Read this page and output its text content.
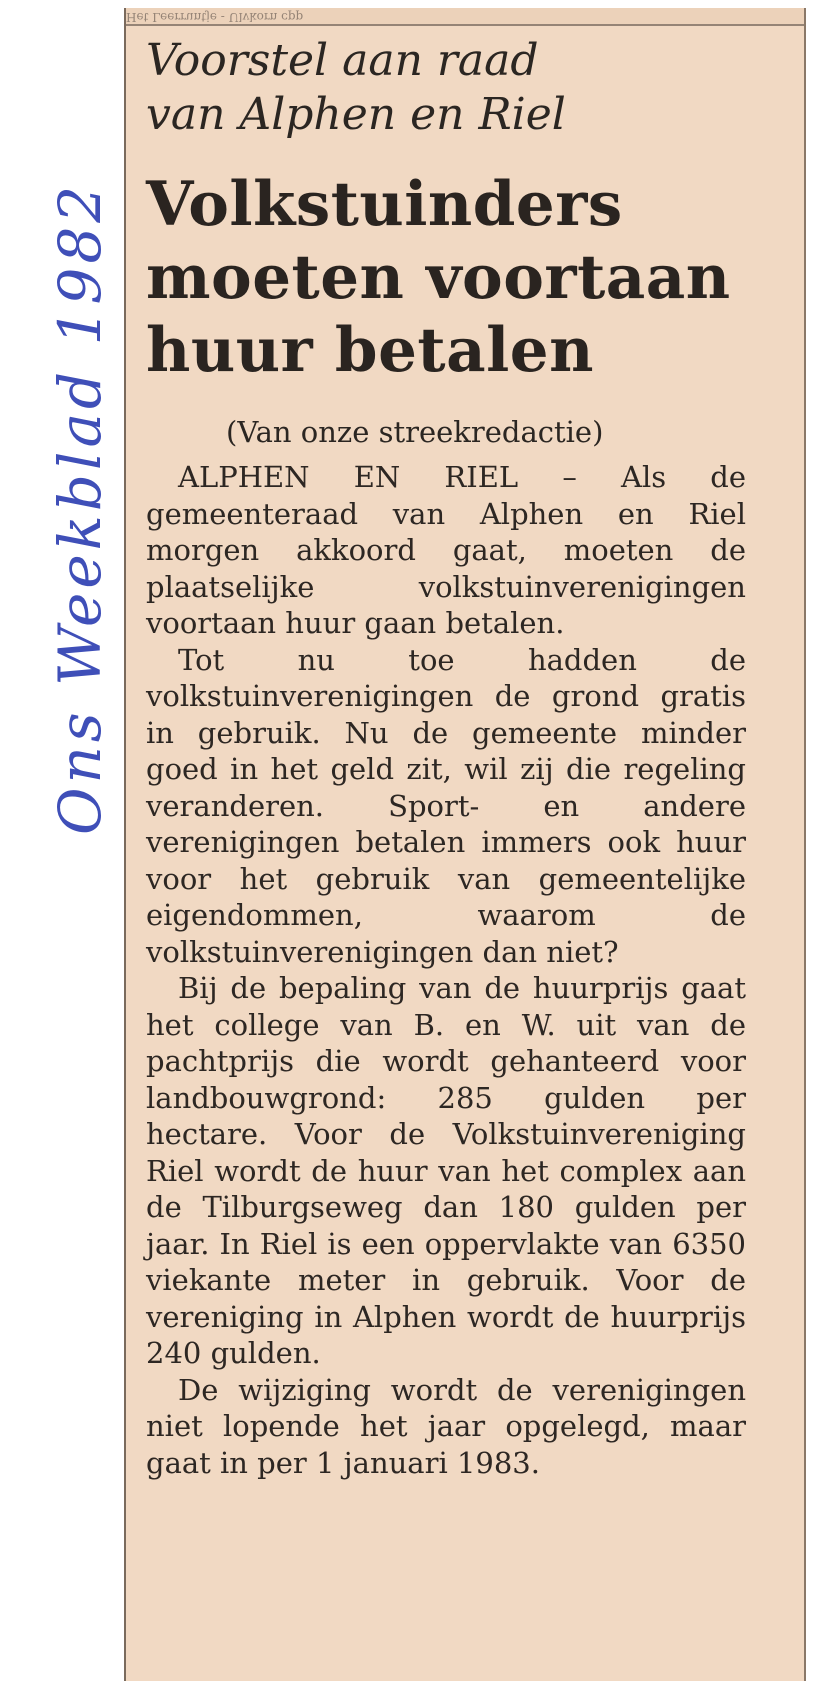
Ons Weekblad 1982
Het Leerruntje - Ulvkorn cpp
Voorstel aan raad
van Alphen en Riel
Volkstuinders
moeten voortaan
huur betalen
(Van onze streekredactie)

ALPHEN EN RIEL – Als de gemeenteraad van Alphen en Riel morgen akkoord gaat, moeten de plaatselijke volkstuinverenigingen voortaan huur gaan betalen.

Tot nu toe hadden de volkstuinverenigingen de grond gratis in gebruik. Nu de gemeente minder goed in het geld zit, wil zij die regeling veranderen. Sport- en andere verenigingen betalen immers ook huur voor het gebruik van gemeentelijke eigendommen, waarom de volkstuinverenigingen dan niet?

Bij de bepaling van de huurprijs gaat het college van B. en W. uit van de pachtprijs die wordt gehanteerd voor landbouwgrond: 285 gulden per hectare. Voor de Volkstuinvereniging Riel wordt de huur van het complex aan de Tilburgseweg dan 180 gulden per jaar. In Riel is een oppervlakte van 6350 viekante meter in gebruik. Voor de vereniging in Alphen wordt de huurprijs 240 gulden.

De wijziging wordt de verenigingen niet lopende het jaar opgelegd, maar gaat in per 1 januari 1983.
